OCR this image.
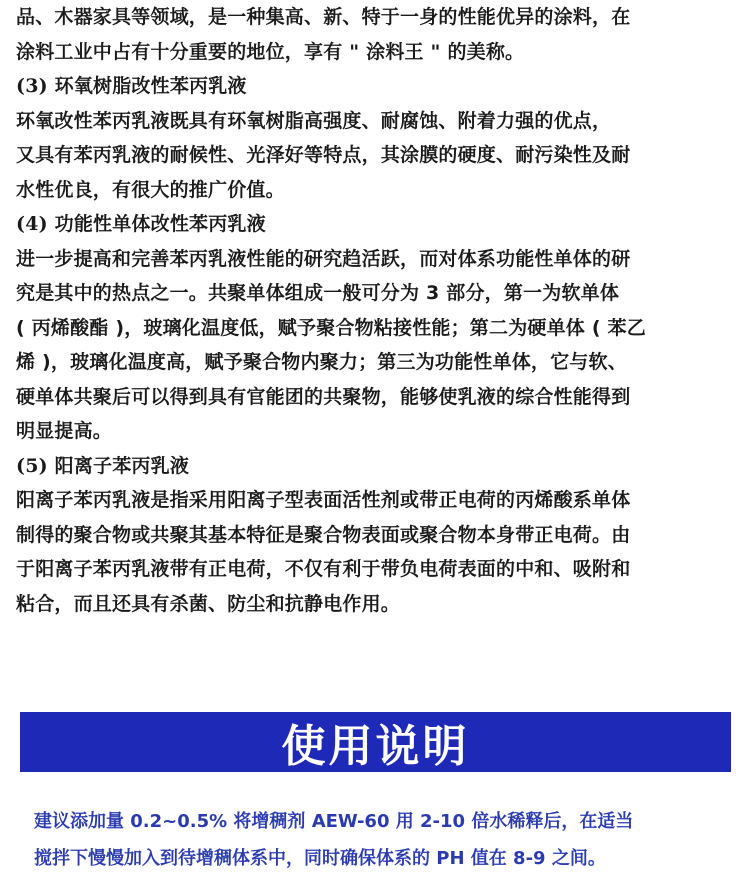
品、木器家具等领域，是一种集高、新、特于一身的性能优异的涂料，在
涂料工业中占有十分重要的地位，享有 " 涂料王 " 的美称。

(3) 环氧树脂改性苯丙乳液

环氧改性苯丙乳液既具有环氧树脂高强度、耐腐蚀、附着力强的优点，
又具有苯丙乳液的耐候性、光泽好等特点，其涂膜的硬度、耐污染性及耐
水性优良，有很大的推广价值。

(4) 功能性单体改性苯丙乳液

进一步提高和完善苯丙乳液性能的研究趋活跃，而对体系功能性单体的研
究是其中的热点之一。共聚单体组成一般可分为 3 部分，第一为软单体
( 丙烯酸酯 )，玻璃化温度低，赋予聚合物粘接性能；第二为硬单体 ( 苯乙
烯 )，玻璃化温度高，赋予聚合物内聚力；第三为功能性单体，它与软、
硬单体共聚后可以得到具有官能团的共聚物，能够使乳液的综合性能得到
明显提高。

(5) 阳离子苯丙乳液

阳离子苯丙乳液是指采用阳离子型表面活性剂或带正电荷的丙烯酸系单体
制得的聚合物或共聚其基本特征是聚合物表面或聚合物本身带正电荷。由
于阳离子苯丙乳液带有正电荷，不仅有利于带负电荷表面的中和、吸附和
粘合，而且还具有杀菌、防尘和抗静电作用。

使用说明
建议添加量 0.2~0.5% 将增稠剂 AEW-60 用 2-10 倍水稀释后，在适当
搅拌下慢慢加入到待增稠体系中，同时确保体系的 PH 值在 8-9 之间。
